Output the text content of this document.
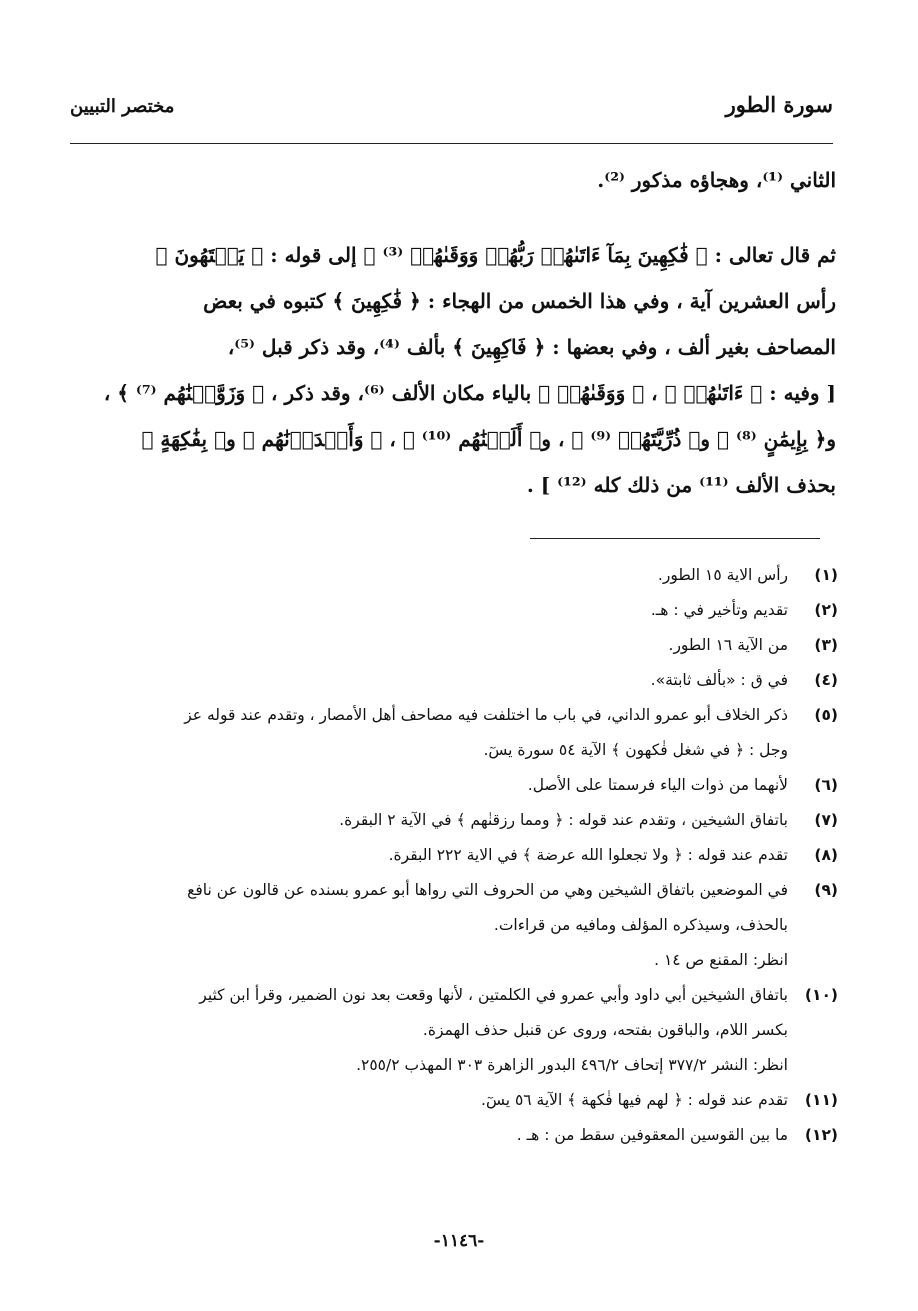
سورة الطور
مختصر التبيين
الثاني ⁽¹⁾، وهجاؤه مذكور ⁽²⁾.
ثم قال تعالى : ﴿ فَٰكِهِينَ بِمَآ ءَاتَىٰهُمۡ رَبُّهُمۡ وَوَقَىٰهُمۡ ⁽³⁾ ﴾ إلى قوله : ﴿ يَشۡتَهُونَ ﴾
رأس العشرين آية ، وفي هذا الخمس من الهجاء : ﴿ فَٰكِهِينَ ﴾ كتبوه في بعض
المصاحف بغير ألف ، وفي بعضها : ﴿ فَاكِهِينَ ﴾ بألف ⁽⁴⁾، وقد ذكر قبل ⁽⁵⁾،
[ وفيه : ﴿ ءَاتَىٰهُمۡ ﴾ ، ﴿ وَوَقَىٰهُمۡ ﴾ بالياء مكان الألف ⁽⁶⁾، وقد ذكر ، ﴿ وَزَوَّجۡنَٰهُم ⁽⁷⁾ ﴾ ،
و﴿ بِإِيمَٰنٍ ⁽⁸⁾ ﴾ و﴿ ذُرِّيَّتَهُمۡ ⁽⁹⁾ ﴾ ، و﴿ أَلَتۡنَٰهُم ⁽¹⁰⁾ ﴾ ، ﴿ وَأَمۡدَدۡنَٰهُم ﴾ و﴿ بِفَٰكِهَةٍ ﴾
بحذف الألف ⁽¹¹⁾ من ذلك كله ⁽¹²⁾ ] .
(١)
رأس الاية ١٥ الطور.
(٢)
تقديم وتأخير في : هـ.
(٣)
من الآية ١٦ الطور.
(٤)
في ق : «بألف ثابتة».
(٥)
ذكر الخلاف أبو عمرو الداني، في باب ما اختلفت فيه مصاحف أهل الأمصار ، وتقدم عند قوله عز
وجل : ﴿ في شغل فٰكهون ﴾ الآية ٥٤ سورة يسٓ.
(٦)
لأنهما من ذوات الياء فرسمتا على الأصل.
(٧)
باتفاق الشيخين ، وتقدم عند قوله : ﴿ ومما رزقنٰهم ﴾ في الآية ٢ البقرة.
(٨)
تقدم عند قوله : ﴿ ولا تجعلوا الله عرضة ﴾ في الاية ٢٢٢ البقرة.
(٩)
في الموضعين باتفاق الشيخين وهي من الحروف التي رواها أبو عمرو بسنده عن قالون عن نافع
بالحذف، وسيذكره المؤلف ومافيه من قراءات.
انظر: المقنع ص ١٤ .
(١٠)
باتفاق الشيخين أبي داود وأبي عمرو في الكلمتين ، لأنها وقعت بعد نون الضمير، وقرأ ابن كثير
بكسر اللام، والباقون بفتحه، وروى عن قنبل حذف الهمزة.
انظر: النشر ٣٧٧/٢ إتحاف ٤٩٦/٢ البدور الزاهرة ٣٠٣ المهذب ٢٥٥/٢.
(١١)
تقدم عند قوله : ﴿ لهم فيها فٰكهة ﴾ الآية ٥٦ يسٓ.
(١٢)
ما بين القوسين المعقوفين سقط من : هـ .
-١١٤٦-
